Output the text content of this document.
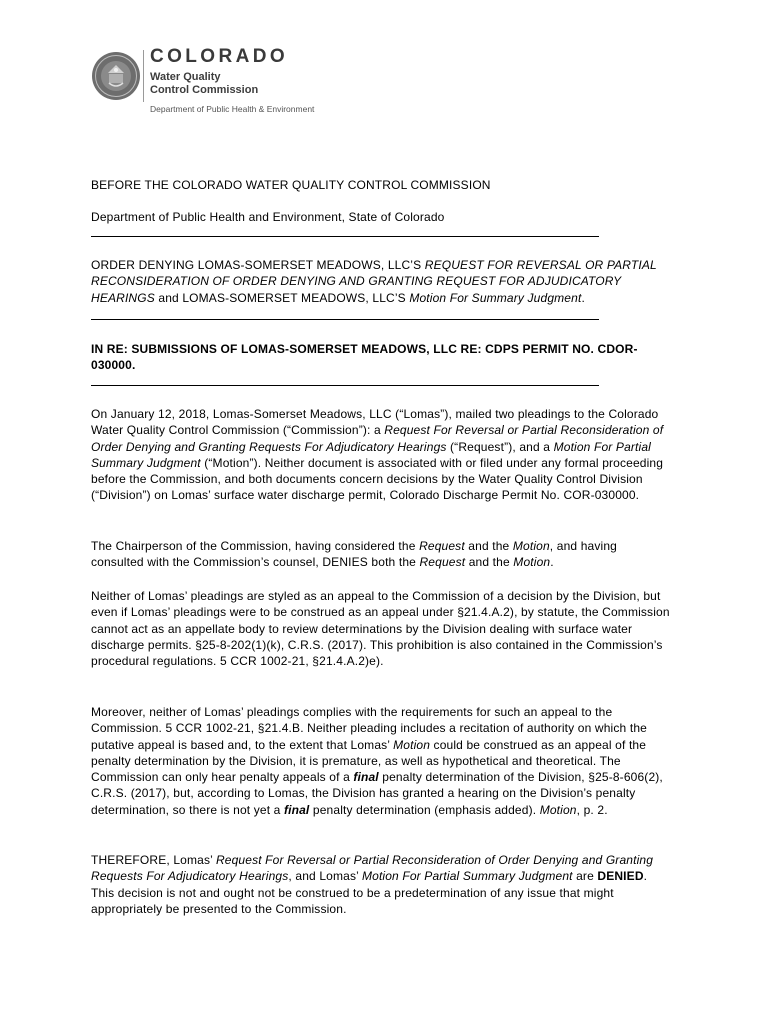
COLORADO
Water Quality
Control Commission
Department of Public Health & Environment
BEFORE THE COLORADO WATER QUALITY CONTROL COMMISSION
Department of Public Health and Environment, State of Colorado
ORDER DENYING LOMAS-SOMERSET MEADOWS, LLC’S REQUEST FOR REVERSAL OR PARTIAL RECONSIDERATION OF ORDER DENYING AND GRANTING REQUEST FOR ADJUDICATORY HEARINGS and LOMAS-SOMERSET MEADOWS, LLC’S Motion For Summary Judgment.
IN RE: SUBMISSIONS OF LOMAS-SOMERSET MEADOWS, LLC RE: CDPS PERMIT NO. CDOR-030000.
On January 12, 2018, Lomas-Somerset Meadows, LLC (“Lomas”), mailed two pleadings to the Colorado Water Quality Control Commission (“Commission”): a Request For Reversal or Partial Reconsideration of Order Denying and Granting Requests For Adjudicatory Hearings (“Request”), and a Motion For Partial Summary Judgment (“Motion”). Neither document is associated with or filed under any formal proceeding before the Commission, and both documents concern decisions by the Water Quality Control Division (“Division”) on Lomas’ surface water discharge permit, Colorado Discharge Permit No. COR-030000.
The Chairperson of the Commission, having considered the Request and the Motion, and having consulted with the Commission’s counsel, DENIES both the Request and the Motion.
Neither of Lomas’ pleadings are styled as an appeal to the Commission of a decision by the Division, but even if Lomas’ pleadings were to be construed as an appeal under §21.4.A.2), by statute, the Commission cannot act as an appellate body to review determinations by the Division dealing with surface water discharge permits. §25-8-202(1)(k), C.R.S. (2017). This prohibition is also contained in the Commission’s procedural regulations. 5 CCR 1002-21, §21.4.A.2)e).
Moreover, neither of Lomas’ pleadings complies with the requirements for such an appeal to the Commission. 5 CCR 1002-21, §21.4.B. Neither pleading includes a recitation of authority on which the putative appeal is based and, to the extent that Lomas’ Motion could be construed as an appeal of the penalty determination by the Division, it is premature, as well as hypothetical and theoretical. The Commission can only hear penalty appeals of a final penalty determination of the Division, §25-8-606(2), C.R.S. (2017), but, according to Lomas, the Division has granted a hearing on the Division’s penalty determination, so there is not yet a final penalty determination (emphasis added). Motion, p. 2.
THEREFORE, Lomas’ Request For Reversal or Partial Reconsideration of Order Denying and Granting Requests For Adjudicatory Hearings, and Lomas’ Motion For Partial Summary Judgment are DENIED. This decision is not and ought not be construed to be a predetermination of any issue that might appropriately be presented to the Commission.
